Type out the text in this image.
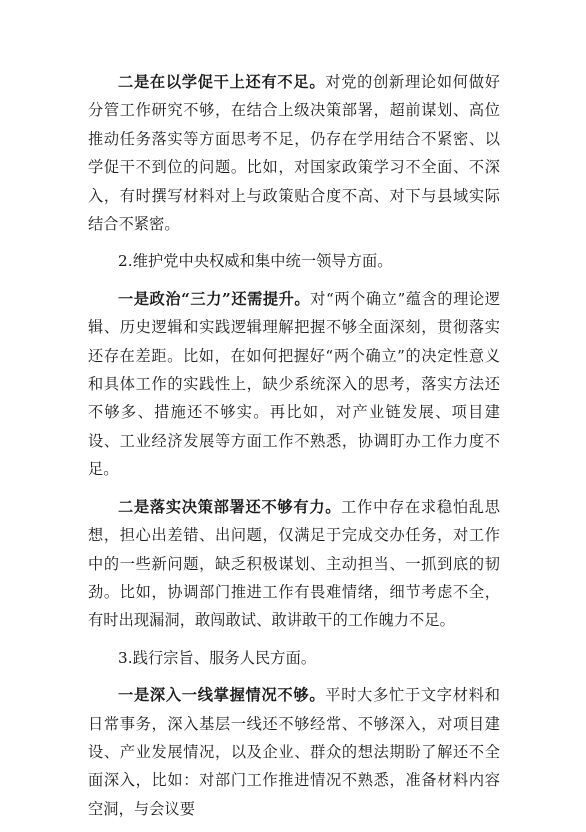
二是在以学促干上还有不足。对党的创新理论如何做好分管工作研究不够，在结合上级决策部署，超前谋划、高位推动任务落实等方面思考不足，仍存在学用结合不紧密、以学促干不到位的问题。比如，对国家政策学习不全面、不深入，有时撰写材料对上与政策贴合度不高、对下与县域实际结合不紧密。

2.维护党中央权威和集中统一领导方面。

一是政治“三力”还需提升。对“两个确立”蕴含的理论逻辑、历史逻辑和实践逻辑理解把握不够全面深刻，贯彻落实还存在差距。比如，在如何把握好“两个确立”的决定性意义和具体工作的实践性上，缺少系统深入的思考，落实方法还不够多、措施还不够实。再比如，对产业链发展、项目建设、工业经济发展等方面工作不熟悉，协调盯办工作力度不足。

二是落实决策部署还不够有力。工作中存在求稳怕乱思想，担心出差错、出问题，仅满足于完成交办任务，对工作中的一些新问题，缺乏积极谋划、主动担当、一抓到底的韧劲。比如，协调部门推进工作有畏难情绪，细节考虑不全，有时出现漏洞，敢闯敢试、敢讲敢干的工作魄力不足。

3.践行宗旨、服务人民方面。

一是深入一线掌握情况不够。平时大多忙于文字材料和日常事务，深入基层一线还不够经常、不够深入，对项目建设、产业发展情况，以及企业、群众的想法期盼了解还不全面深入，比如：对部门工作推进情况不熟悉，准备材料内容空洞，与会议要
